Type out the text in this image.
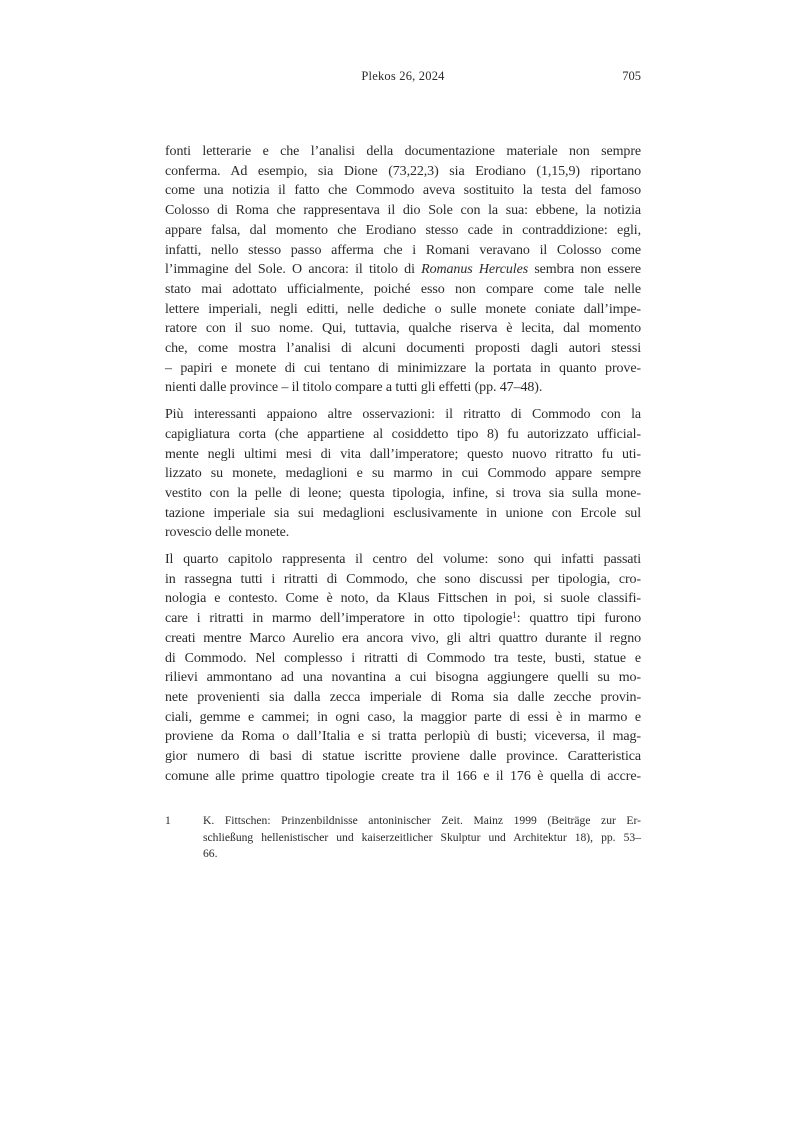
Plekos 26, 2024	705
fonti letterarie e che l’analisi della documentazione materiale non sempre
conferma. Ad esempio, sia Dione (73,22,3) sia Erodiano (1,15,9) riportano
come una notizia il fatto che Commodo aveva sostituito la testa del famoso
Colosso di Roma che rappresentava il dio Sole con la sua: ebbene, la notizia
appare falsa, dal momento che Erodiano stesso cade in contraddizione: egli,
infatti, nello stesso passo afferma che i Romani veravano il Colosso come
l’immagine del Sole. O ancora: il titolo di Romanus Hercules sembra non essere
stato mai adottato ufficialmente, poiché esso non compare come tale nelle
lettere imperiali, negli editti, nelle dediche o sulle monete coniate dall’impe-
ratore con il suo nome. Qui, tuttavia, qualche riserva è lecita, dal momento
che, come mostra l’analisi di alcuni documenti proposti dagli autori stessi
– papiri e monete di cui tentano di minimizzare la portata in quanto prove-
nienti dalle province – il titolo compare a tutti gli effetti (pp. 47–48).
Più interessanti appaiono altre osservazioni: il ritratto di Commodo con la
capigliatura corta (che appartiene al cosiddetto tipo 8) fu autorizzato ufficial-
mente negli ultimi mesi di vita dall’imperatore; questo nuovo ritratto fu uti-
lizzato su monete, medaglioni e su marmo in cui Commodo appare sempre
vestito con la pelle di leone; questa tipologia, infine, si trova sia sulla mone-
tazione imperiale sia sui medaglioni esclusivamente in unione con Ercole sul
rovescio delle monete.
Il quarto capitolo rappresenta il centro del volume: sono qui infatti passati
in rassegna tutti i ritratti di Commodo, che sono discussi per tipologia, cro-
nologia e contesto. Come è noto, da Klaus Fittschen in poi, si suole classifi-
care i ritratti in marmo dell’imperatore in otto tipologie$^1$: quattro tipi furono
creati mentre Marco Aurelio era ancora vivo, gli altri quattro durante il regno
di Commodo. Nel complesso i ritratti di Commodo tra teste, busti, statue e
rilievi ammontano ad una novantina a cui bisogna aggiungere quelli su mo-
nete provenienti sia dalla zecca imperiale di Roma sia dalle zecche provin-
ciali, gemme e cammei; in ogni caso, la maggior parte di essi è in marmo e
proviene da Roma o dall’Italia e si tratta perlopiù di busti; viceversa, il mag-
gior numero di basi di statue iscritte proviene dalle province. Caratteristica
comune alle prime quattro tipologie create tra il 166 e il 176 è quella di accre-
1	K. Fittschen: Prinzenbildnisse antoninischer Zeit. Mainz 1999 (Beiträge zur Er-
schließung hellenistischer und kaiserzeitlicher Skulptur und Architektur 18), pp. 53–
66.
